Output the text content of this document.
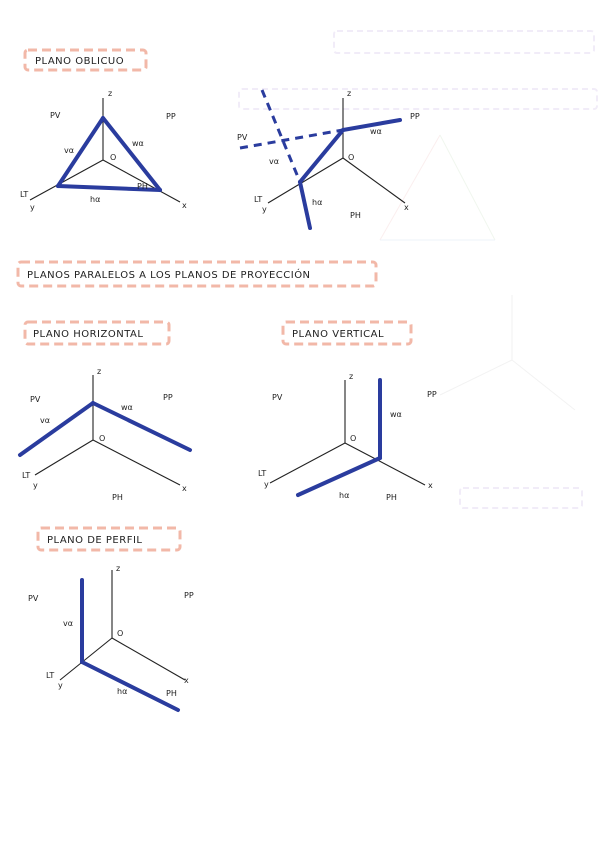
PLANO OBLICUO
PLANOS PARALELOS A LOS PLANOS DE PROYECCIÓN
PLANO HORIZONTAL	PLANO VERTICAL
PLANO DE PERFIL
z
O
x
y
LT
PV	PP
PH
vα
wα
hα
z
O
x
y
LT
PV
PP
PH
vα
wα
hα
z
O
x
y
LT
PV	PP
PH
vα
wα
z
O
x
y
LT
PV	PP
PH
wα
hα
z
O
x
y
LT
PV	PP
PH
vα
hα
